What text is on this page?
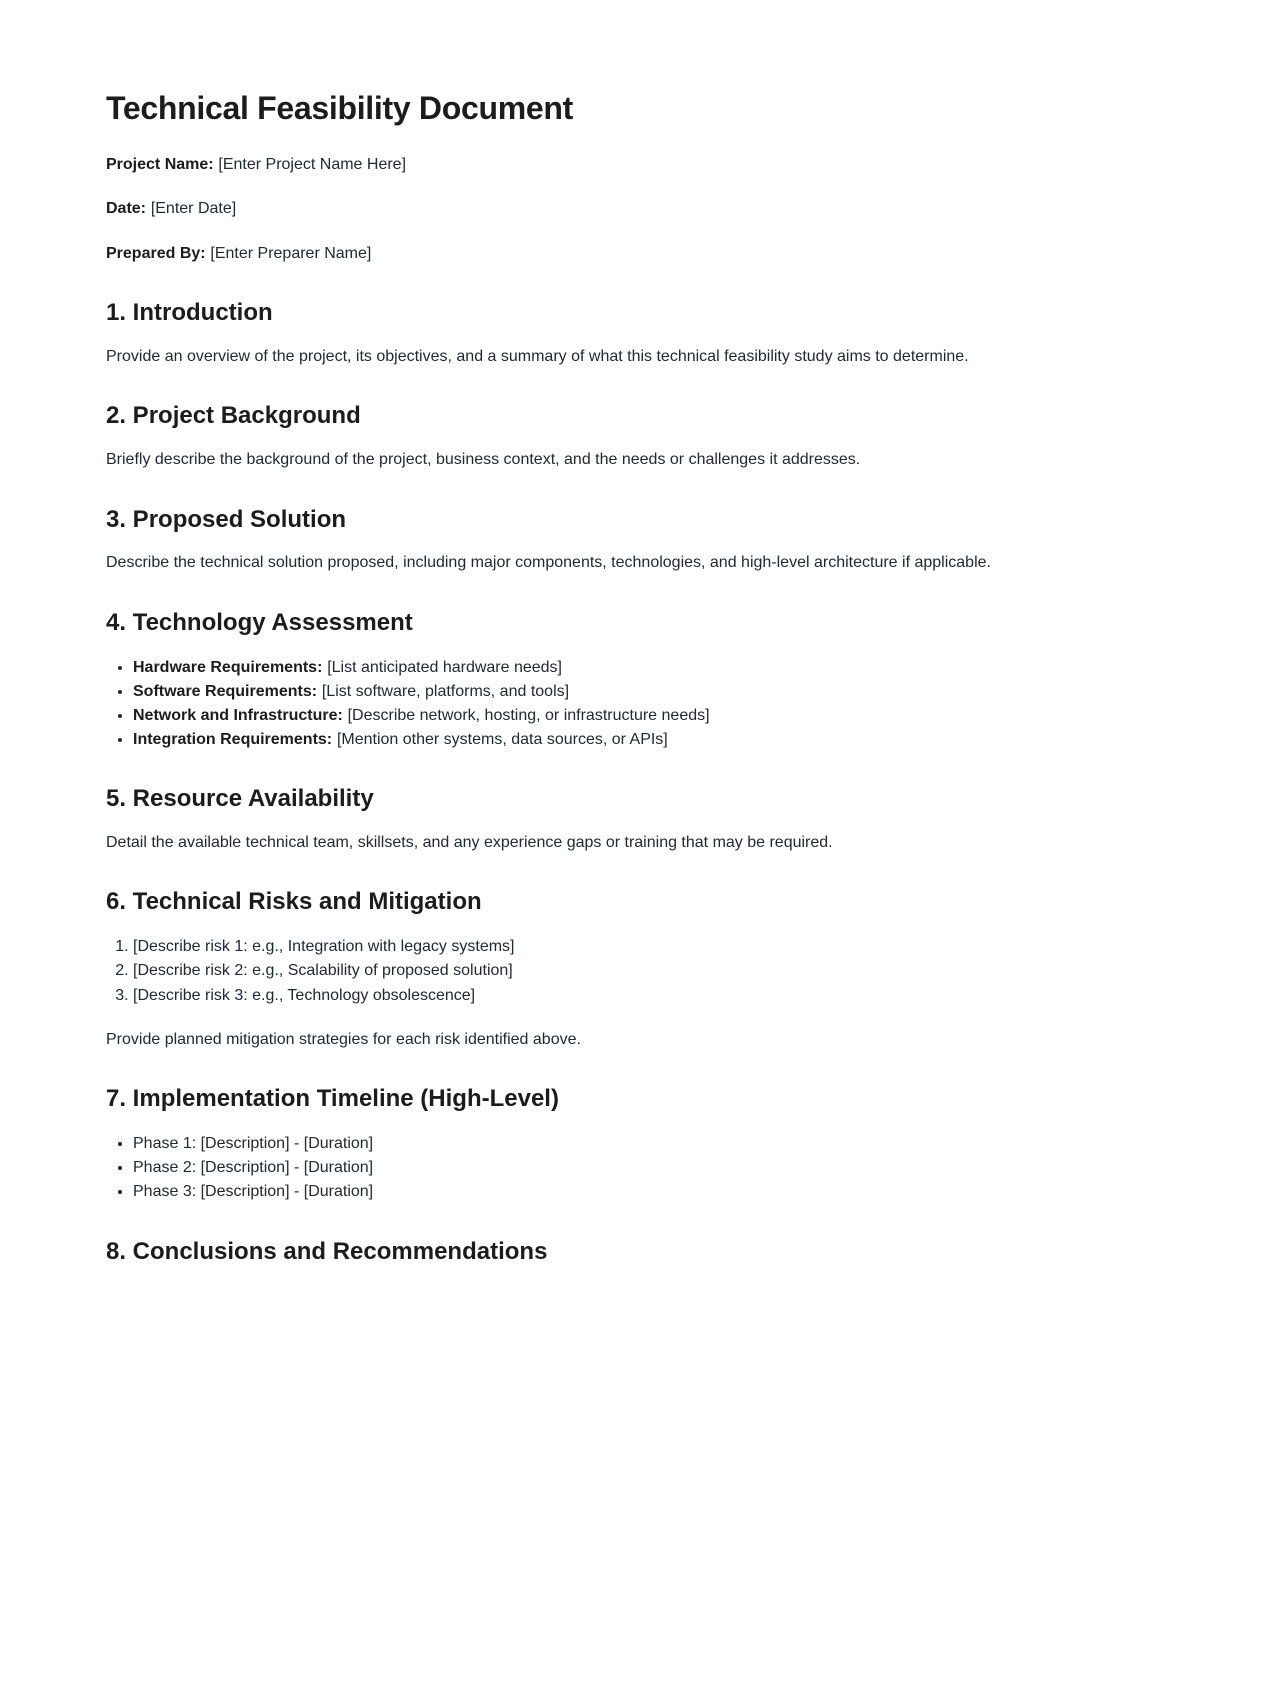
Technical Feasibility Document

Project Name: [Enter Project Name Here]

Date: [Enter Date]

Prepared By: [Enter Preparer Name]

1. Introduction

Provide an overview of the project, its objectives, and a summary of what this technical feasibility study aims to determine.

2. Project Background

Briefly describe the background of the project, business context, and the needs or challenges it addresses.

3. Proposed Solution

Describe the technical solution proposed, including major components, technologies, and high-level architecture if applicable.

4. Technology Assessment
• Hardware Requirements: [List anticipated hardware needs]
• Software Requirements: [List software, platforms, and tools]
• Network and Infrastructure: [Describe network, hosting, or infrastructure needs]
• Integration Requirements: [Mention other systems, data sources, or APIs]
5. Resource Availability

Detail the available technical team, skillsets, and any experience gaps or training that may be required.

6. Technical Risks and Mitigation
1. [Describe risk 1: e.g., Integration with legacy systems]
2. [Describe risk 2: e.g., Scalability of proposed solution]
3. [Describe risk 3: e.g., Technology obsolescence]

Provide planned mitigation strategies for each risk identified above.

7. Implementation Timeline (High-Level)
• Phase 1: [Description] - [Duration]
• Phase 2: [Description] - [Duration]
• Phase 3: [Description] - [Duration]
8. Conclusions and Recommendations
